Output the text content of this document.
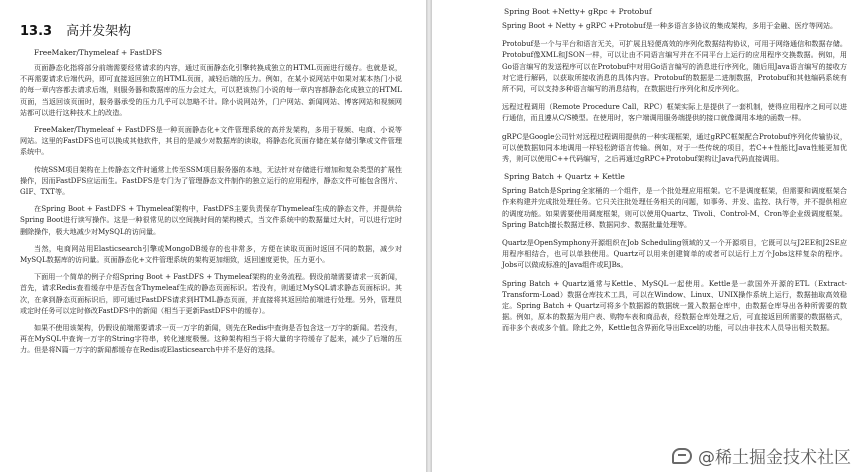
13.3 高并发架构
FreeMaker/Thymeleaf + FastDFS
页面静态化指将部分前端需要经常请求的内容，通过页面静态化引擎转换成独立的HTML页面进行缓存。也就是说，不再需要请求后端代码，即可直接返回独立的HTML页面，减轻后端的压力。例如，在某小说网站中如果对某本热门小说的每一章内容都去请求后端，则服务器和数据库的压力会过大，可以把该热门小说的每一章内容都静态化成独立的HTML页面，当返回该页面时，服务器承受的压力几乎可以忽略不计。除小说网站外，门户网站、新闻网站、博客网站和视频网站都可以进行这种技术上的改造。
FreeMaker/Thymeleaf + FastDFS是一种页面静态化+文件管理系统的高并发架构，多用于视频、电商、小说等网站。这里的FastDFS也可以换成其他软件，其目的是减少对数据库的读取，将静态化页面存储在某存储引擎或文件管理系统中。
传统SSM项目架构在上传静态文件时通常上传至SSM项目服务器的本地，无法针对存储进行增加和复杂类型的扩展性操作，因而FastDFS应运而生。FastDFS是专门为了管理静态文件制作的独立运行的应用程序，静态文件可能包含图片、GIF、TXT等。
在Spring Boot + FastDFS + Thymeleaf架构中，FastDFS主要负责保存Thymeleaf生成的静态文件，并提供给Spring Boot进行读写操作。这是一种很常见的以空间换时间的架构模式，当文件系统中的数据量过大时，可以进行定时删除操作，极大地减少对MySQL的访问量。
当然，电商网站用Elasticsearch引擎或MongoDB缓存的也非常多，方便在读取页面时返回不同的数据，减少对MySQL数据库的访问量。页面静态化+文件管理系统的架构更加细致，返回速度更快，压力更小。
下面用一个简单的例子介绍Spring Boot + FastDFS + Thymeleaf架构的业务流程。假设前端需要请求一页新闻，首先，请求Redis查看缓存中是否包含Thymeleaf生成的静态页面标识。若没有，则通过MySQL请求静态页面标识。其次，在拿到静态页面标识后，即可通过FastDFS请求到HTML静态页面，并直接将其返回给前端进行处理。另外，管理员或定时任务可以定时修改FastDFS中的新闻（相当于更新FastDFS中的缓存）。
如果不使用该架构，仍假设前端需要请求一页一万字的新闻，则先在Redis中查询是否包含这一万字的新闻。若没有，再在MySQL中查询一万字的String字符串，转化速度极慢。这种架构相当于将大量的字符缓存了起来，减少了后端的压力。但是将N篇一万字的新闻都缓存在Redis或Elasticsearch中并不是好的选择。
Spring Boot +Netty+ gRpc + Protobuf
Spring Boot + Netty + gRPC +Protobuf是一种多语言多协议的集成架构，多用于金融、医疗等网站。
Protobuf是一个与平台和语言无关，可扩展且轻便高效的序列化数据结构协议，可用于网络通信和数据存储。Protobuf像XML和JSON一样，可以让由不同语言编写并在不同平台上运行的应用程序交换数据。例如，用Go语言编写的发送程序可以在Protobuf中对用Go语言编写的消息进行序列化，随后用Java语言编写的接收方对它进行解码，以获取所接收消息的具体内容。Protobuf的数据是二进制数据，Protobuf和其他编码系统有所不同，可以支持多种语言编写的消息结构，在数据进行序列化和反序列化。
远程过程调用（Remote Procedure Call，RPC）框架实际上是提供了一套机制，使得应用程序之间可以进行通信，而且遵从C/S模型。在使用时，客户端调用服务端提供的接口就像调用本地的函数一样。
gRPC是Google公司针对远程过程调用提供的一种实现框架，通过gRPC框架配合Protobuf序列化传输协议，可以使数据如同本地调用一样轻松跨语言传输。例如，对于一些传统的项目，若C++性能比Java性能更加优秀，则可以使用C++代码编写，之后再通过gRPC+Protobuf架构让Java代码直接调用。
Spring Batch + Quartz + Kettle
Spring Batch是Spring全家桶的一个组件，是一个批处理应用框架。它不是调度框架，但需要和调度框架合作来构建并完成批处理任务。它只关注批处理任务相关的问题，如事务、并发、监控、执行等，并不提供相应的调度功能。如果需要使用调度框架，则可以使用Quartz、Tivoli、Control-M、Cron等企业级调度框架。Spring Batch擅长数据迁移、数据同步、数据批量处理等。
Quartz是OpenSymphony开源组织在Job Scheduling领域的又一个开源项目，它既可以与J2EE和J2SE应用程序相结合，也可以单独使用。Quartz可以用来创建简单的或者可以运行上万个Jobs这样复杂的程序。Jobs可以做成标准的Java组件或EJBs。
Spring Batch + Quartz通常与Kettle、MySQL一起使用。Kettle是一款国外开源的ETL（Extract-Transform-Load）数据仓库技术工具，可以在Window、Linux、UNIX操作系统上运行，数据抽取高效稳定。Spring Batch + Quartz可将多个数据源的数据统一置入数据仓库中，由数据仓库导出各种所需要的数据。例如，原本的数据为用户表、购物车表和商品表，经数据仓库处理之后，可直接返回所需要的数据格式，而非多个表或多个值。除此之外，Kettle包含界面化导出Excel的功能，可以由非技术人员导出相关数据。
@稀土掘金技术社区
